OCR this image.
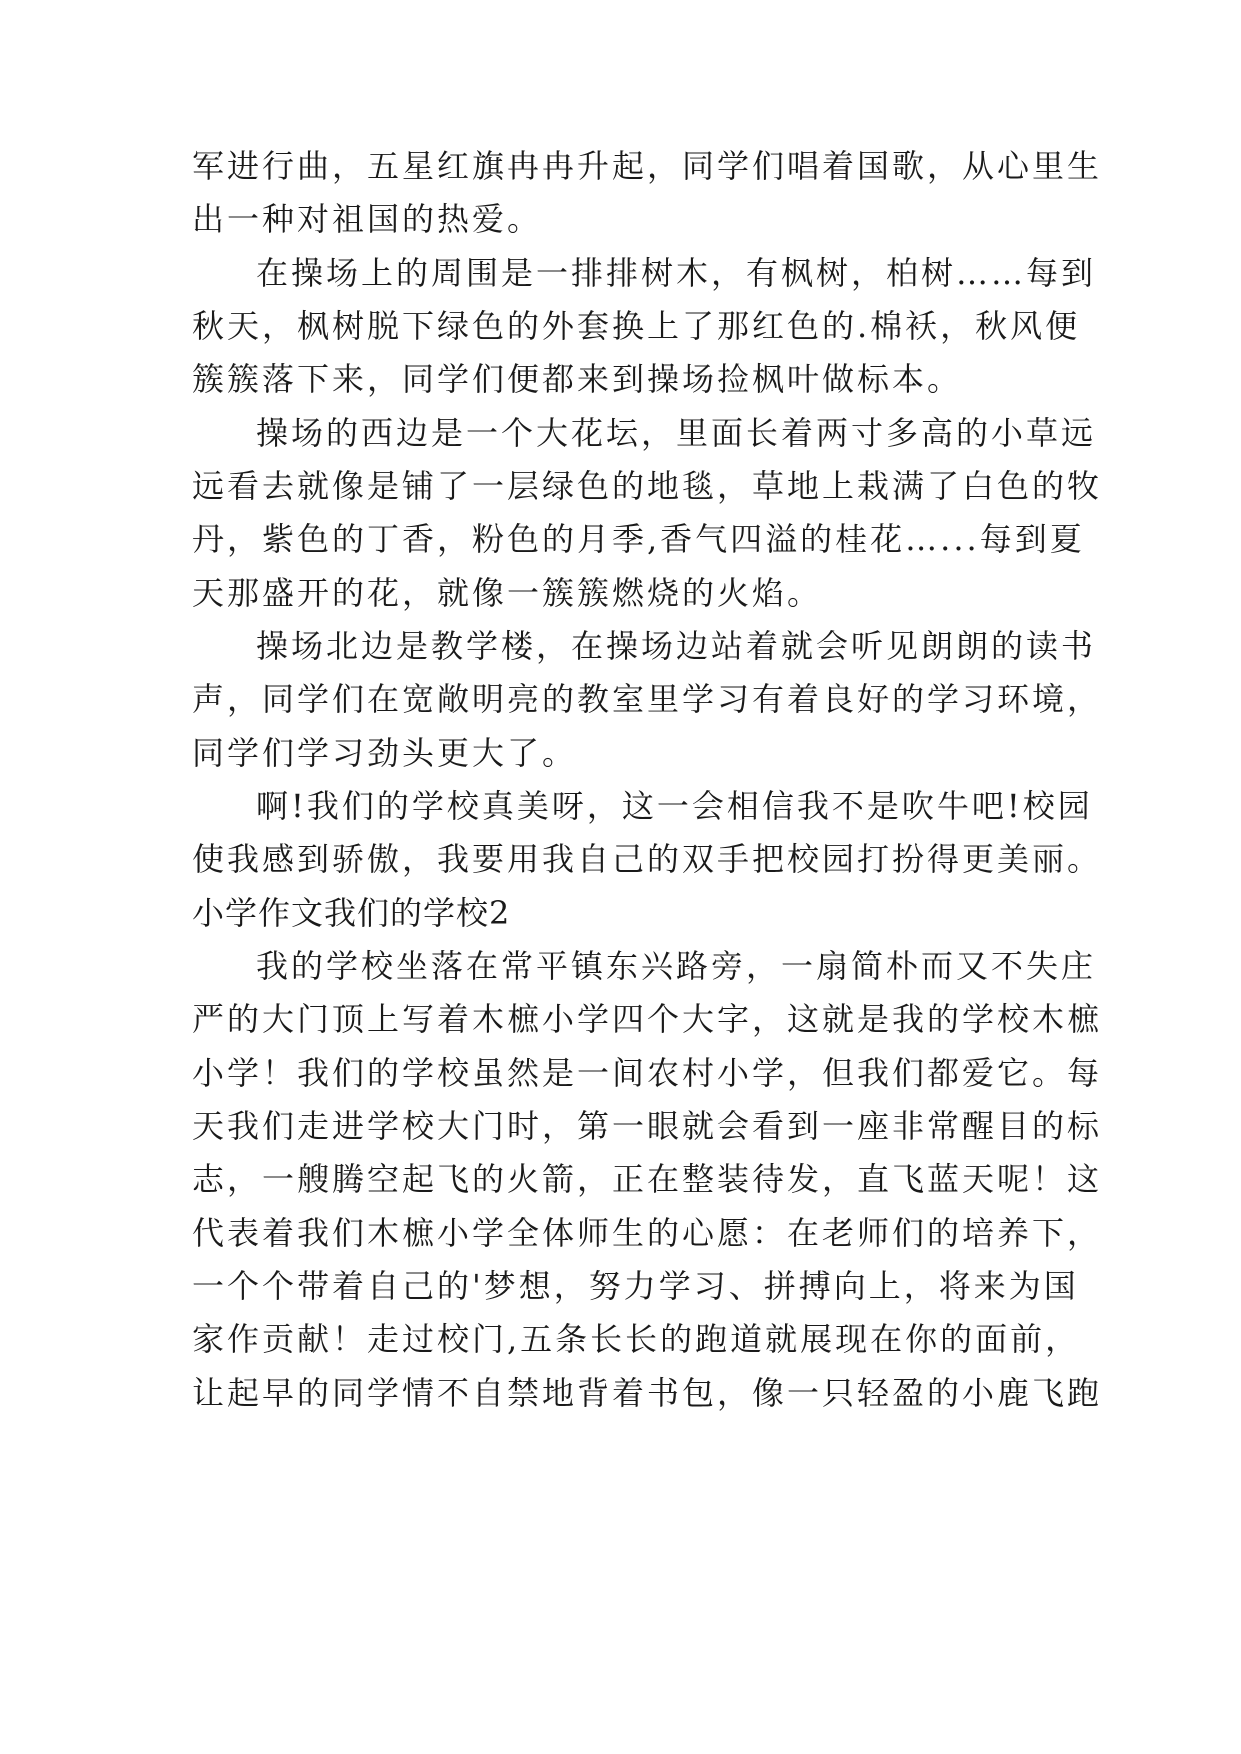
军进行曲，五星红旗冉冉升起，同学们唱着国歌，从心里生
出一种对祖国的热爱。
在操场上的周围是一排排树木，有枫树，柏树……每到
秋天，枫树脱下绿色的外套换上了那红色的.棉袄，秋风便
簇簇落下来，同学们便都来到操场捡枫叶做标本。
操场的西边是一个大花坛，里面长着两寸多高的小草远
远看去就像是铺了一层绿色的地毯，草地上栽满了白色的牧
丹，紫色的丁香，粉色的月季,香气四溢的桂花…...每到夏
天那盛开的花，就像一簇簇燃烧的火焰。
操场北边是教学楼，在操场边站着就会听见朗朗的读书
声，同学们在宽敞明亮的教室里学习有着良好的学习环境，
同学们学习劲头更大了。
啊!我们的学校真美呀，这一会相信我不是吹牛吧!校园
使我感到骄傲，我要用我自己的双手把校园打扮得更美丽。
小学作文我们的学校2
我的学校坐落在常平镇东兴路旁，一扇简朴而又不失庄
严的大门顶上写着木樜小学四个大字，这就是我的学校木樜
小学！我们的学校虽然是一间农村小学，但我们都爱它。每
天我们走进学校大门时，第一眼就会看到一座非常醒目的标
志，一艘腾空起飞的火箭，正在整装待发，直飞蓝天呢！这
代表着我们木樜小学全体师生的心愿：在老师们的培养下，
一个个带着自己的'梦想，努力学习、拼搏向上，将来为国
家作贡献！走过校门,五条长长的跑道就展现在你的面前，
让起早的同学情不自禁地背着书包，像一只轻盈的小鹿飞跑
